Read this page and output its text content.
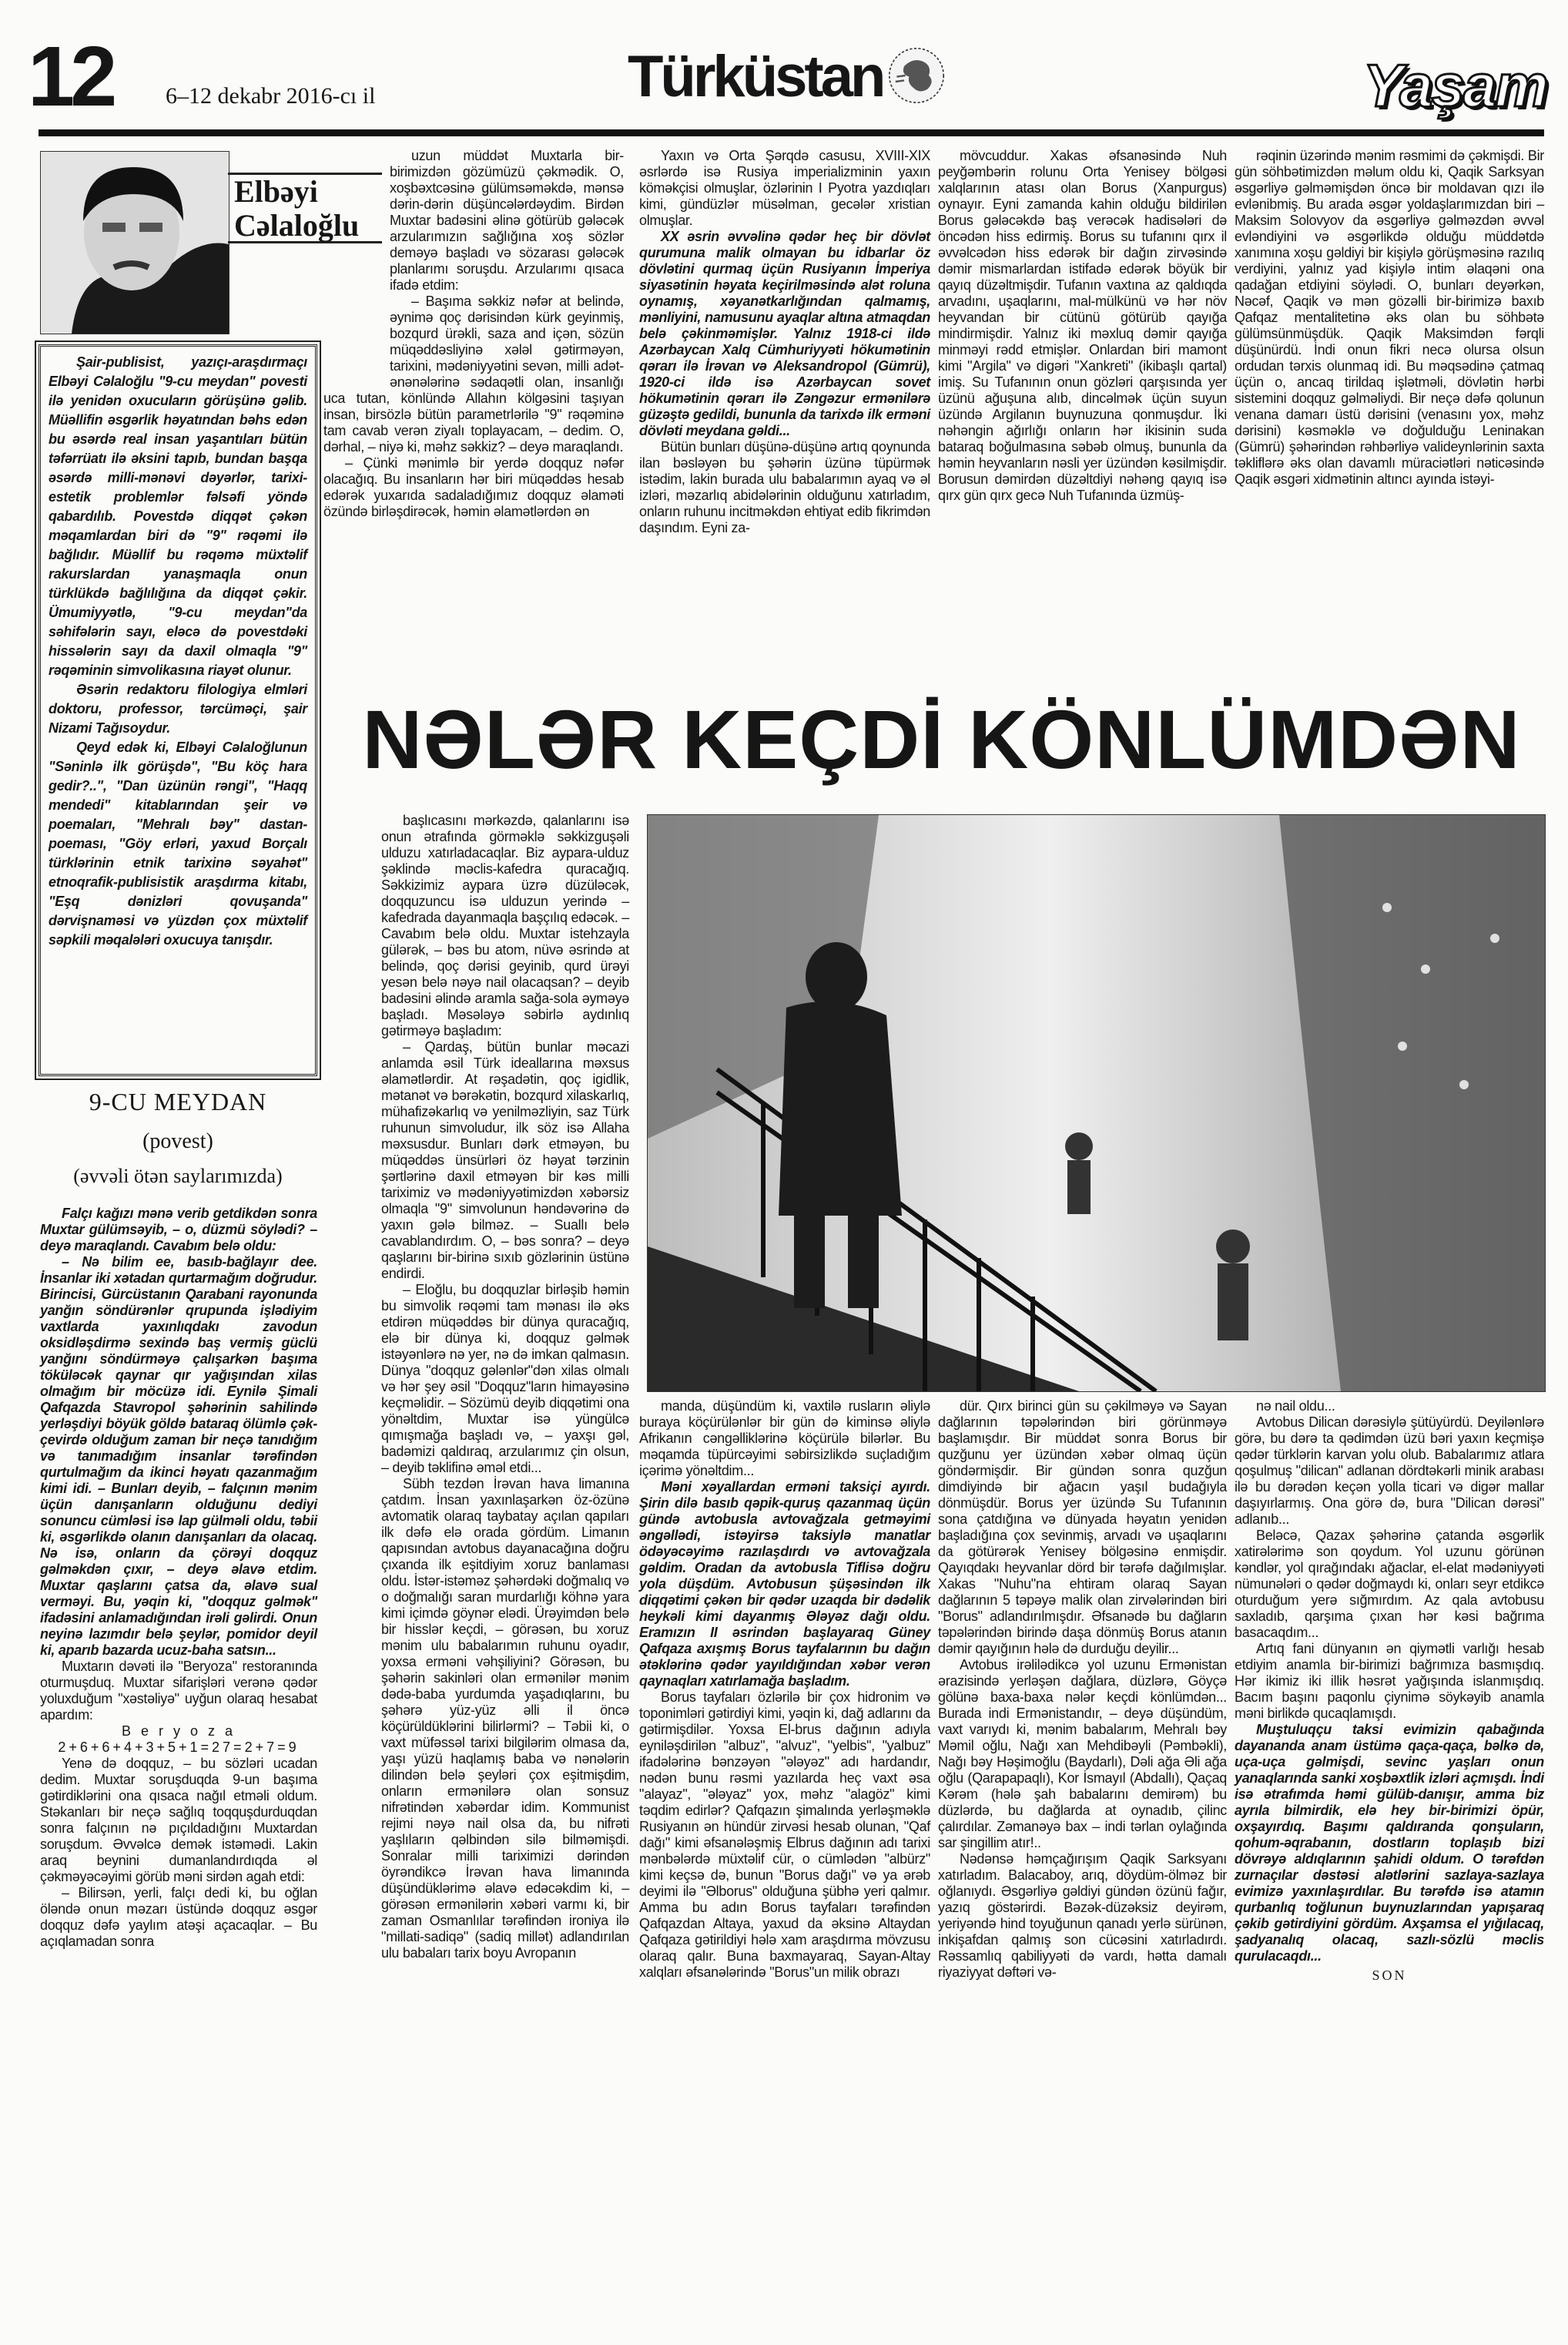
12 6–12 dekabr 2016-cı il	Türküstan	Yaşam
Elbəyi
Cəlaloğlu

Şair-publisist, yazıçı-araşdırmaçı Elbəyi Cəlaloğlu "9-cu meydan" povesti ilə yenidən oxucuların görüşünə gəlib. Müəllifin əsgərlik həyatından bəhs edən bu əsərdə real insan yaşantıları bütün təfərrüatı ilə əksini tapıb, bundan başqa əsərdə milli-mənəvi dəyərlər, tarixi-estetik problemlər fəlsəfi yöndə qabardılıb. Povestdə diqqət çəkən məqamlardan biri də "9" rəqəmi ilə bağlıdır. Müəllif bu rəqəmə müxtəlif rakurslardan yanaşmaqla onun türklükdə bağlılığına da diqqət çəkir. Ümumiyyətlə, "9-cu meydan"da səhifələrin sayı, eləcə də povestdəki hissələrin sayı da daxil olmaqla "9" rəqəminin simvolikasına riayət olunur.

Əsərin redaktoru filologiya elmləri doktoru, professor, tərcüməçi, şair Nizami Tağısoydur.

Qeyd edək ki, Elbəyi Cəlaloğlunun "Səninlə ilk görüşdə", "Bu köç hara gedir?..", "Dan üzünün rəngi", "Haqq mendedi" kitablarından şeir və poemaları, "Mehralı bəy" dastan-poeması, "Göy erləri, yaxud Borçalı türklərinin etnik tarixinə səyahət" etnoqrafik-publisistik araşdırma kitabı, "Eşq dənizləri qovuşanda" dərvişnaməsi və yüzdən çox müxtəlif səpkili məqalələri oxucuya tanışdır.

9-CU MEYDAN
(povest)
(əvvəli ötən saylarımızda)
NƏLƏR KEÇDİ KÖNLÜMDƏN

Falçı kağızı mənə verib getdikdən sonra Muxtar gülümsəyib, – o, düzmü söylədi? – deyə maraqlandı. Cavabım belə oldu:

– Nə bilim ee, basıb-bağlayır dee. İnsanlar iki xətadan qurtarmağım doğrudur. Birincisi, Gürcüstanın Qarabani rayonunda yanğın söndürənlər qrupunda işlədiyim vaxtlarda yaxınlıqdakı zavodun oksidləşdirmə sexində baş vermiş güclü yanğını söndürməyə çalışarkən başıma töküləcək qaynar qır yağışından xilas olmağım bir möcüzə idi. Eynilə Şimali Qafqazda Stavropol şəhərinin sahilində yerləşdiyi böyük göldə bataraq ölümlə çək-çevirdə olduğum zaman bir neçə tanıdığım və tanımadığım insanlar tərəfindən qurtulmağım da ikinci həyatı qazanmağım kimi idi. – Bunları deyib, – falçının mənim üçün danışanların olduğunu dediyi sonuncu cümləsi isə lap gülməli oldu, təbii ki, əsgərlikdə olanın danışanları da olacaq. Nə isə, onların da çörəyi doqquz gəlməkdən çıxır, – deyə əlavə etdim. Muxtar qaşlarını çatsa da, əlavə sual verməyi. Bu, yəqin ki, "doqquz gəlmək" ifadəsini anlamadığından irəli gəlirdi. Onun neyinə lazımdır belə şeylər, pomidor deyil ki, aparıb bazarda ucuz-baha satsın...

Muxtarın dəvəti ilə "Beryoza" restoranında oturmuşduq. Muxtar sifarişləri verənə qədər yoluxduğum "xəstəliyə" uyğun olaraq hesabat apardım:

B e r y o z a

2+6+6+4+3+5+1=27=2+7=9

Yenə də doqquz, – bu sözləri ucadan dedim. Muxtar soruşduqda 9-un başıma gətirdiklərini ona qısaca nağıl etməli oldum. Stəkanları bir neçə sağlıq toqquşdurduqdan sonra falçının nə pıçıldadığını Muxtardan soruşdum. Əvvəlcə demək istəmədi. Lakin araq beynini dumanlandırdıqda əl çəkməyəcəyimi görüb məni sirdən agah etdi:

– Bilirsən, yerli, falçı dedi ki, bu oğlan öləndə onun məzarı üstündə doqquz əsgər doqquz dəfə yaylım atəşi açacaqlar. – Bu açıqlamadan sonra

uzun müddət Muxtarla bir-birimizdən gözümüzü çəkmədik. O, xoşbəxtcəsinə gülümsəməkdə, mənsə dərin-dərin düşüncələrdəydim. Birdən Muxtar badəsini əlinə götürüb gələcək arzularımızın sağlığına xoş sözlər deməyə başladı və sözarası gələcək planlarımı soruşdu. Arzularımı qısaca ifadə etdim:

– Başıma səkkiz nəfər at belində, əynimə qoç dərisindən kürk geyinmiş, bozqurd ürəkli, saza and içən, sözün müqəddəsliyinə xələl gətirməyən, tarixini, mədəniyyətini sevən, milli adət-ənənələrinə sədaqətli olan, insanlığı uca tutan, könlündə Allahın kölgəsini taşıyan insan, birsözlə bütün parametrlərilə "9" rəqəminə tam cavab verən ziyalı toplayacam, – dedim. O, dərhal, – niyə ki, məhz səkkiz? – deyə maraqlandı.

– Çünki mənimlə bir yerdə doqquz nəfər olacağıq. Bu insanların hər biri müqəddəs hesab edərək yuxarıda sadaladığımız doqquz əlaməti özündə birləşdirəcək, həmin əlamətlərdən ən

Yaxın və Orta Şərqdə casusu, XVIII-XIX əsrlərdə isə Rusiya imperializminin yaxın köməkçisi olmuşlar, özlərinin I Pyotra yazdıqları kimi, gündüzlər müsəlman, gecələr xristian olmuşlar.

XX əsrin əvvəlinə qədər heç bir dövlət qurumuna malik olmayan bu idbarlar öz dövlətini qurmaq üçün Rusiyanın İmperiya siyasətinin həyata keçirilməsində alət roluna oynamış, xəyanətkarlığından qalmamış, mənliyini, namusunu ayaqlar altına atmaqdan belə çəkinməmişlər. Yalnız 1918-ci ildə Azərbaycan Xalq Cümhuriyyəti hökumətinin qərarı ilə İrəvan və Aleksandropol (Gümrü), 1920-ci ildə isə Azərbaycan sovet hökumətinin qərarı ilə Zəngəzur ermənilərə güzəştə gedildi, bununla da tarixdə ilk erməni dövləti meydana gəldi...

Bütün bunları düşünə-düşünə artıq qoynunda ilan bəsləyən bu şəhərin üzünə tüpürmək istədim, lakin burada ulu babalarımın ayaq və əl izləri, məzarlıq abidələrinin olduğunu xatırladım, onların ruhunu incitməkdən ehtiyat edib fikrimdən daşındım. Eyni za-

mövcuddur. Xakas əfsanəsində Nuh peyğəmbərin rolunu Orta Yenisey bölgəsi xalqlarının atası olan Borus (Xanpurgus) oynayır. Eyni zamanda kahin olduğu bildirilən Borus gələcəkdə baş verəcək hadisələri də öncədən hiss edirmiş. Borus su tufanını qırx il əvvəlcədən hiss edərək bir dağın zirvəsində dəmir mismarlardan istifadə edərək böyük bir qayıq düzəltmişdir. Tufanın vaxtına az qaldıqda arvadını, uşaqlarını, mal-mülkünü və hər növ heyvandan bir cütünü götürüb qayığa mindirmişdir. Yalnız iki məxluq dəmir qayığa minməyi rədd etmişlər. Onlardan biri mamont kimi "Argila" və digəri "Xankreti" (ikibaşlı qartal) imiş. Su Tufanının onun gözləri qarşısında yer üzünü ağuşuna alıb, dincəlmək üçün suyun üzündə Argilanın buynuzuna qonmuşdur. İki nəhəngin ağırlığı onların hər ikisinin suda bataraq boğulmasına səbəb olmuş, bununla da həmin heyvanların nəsli yer üzündən kəsilmişdir. Borusun dəmirdən düzəltdiyi nəhəng qayıq isə qırx gün qırx gecə Nuh Tufanında üzmüş-

rəqinin üzərində mənim rəsmimi də çəkmişdi. Bir gün söhbətimizdən məlum oldu ki, Qaqik Sarksyan əsgərliyə gəlməmişdən öncə bir moldavan qızı ilə evlənibmiş. Bu arada əsgər yoldaşlarımızdan biri – Maksim Solovyov da əsgərliyə gəlməzdən əvvəl evləndiyini və əsgərlikdə olduğu müddətdə xanımına xoşu gəldiyi bir kişiylə görüşməsinə razılıq verdiyini, yalnız yad kişiylə intim əlaqəni ona qadağan etdiyini söylədi. O, bunları deyərkən, Nəcəf, Qaqik və mən gözəlli bir-birimizə baxıb Qafqaz mentalitetinə əks olan bu söhbətə gülümsünmüşdük. Qaqik Maksimdən fərqli düşünürdü. İndi onun fikri necə olursa olsun ordudan tərxis olunmaq idi. Bu məqsədinə çatmaq üçün o, ancaq tirildaq işlətməli, dövlətin hərbi sistemini doqquz gəlməliydi. Bir neçə dəfə qolunun venana damarı üstü dərisini (venasını yox, məhz dərisini) kəsməklə və doğulduğu Leninakan (Gümrü) şəhərindən rəhbərliyə valideynlərinin saxta təkliflərə əks olan davamlı müraciətləri nəticəsində Qaqik əsgəri xidmətinin altıncı ayında istəyi-

başlıcasını mərkəzdə, qalanlarını isə onun ətrafında görməklə səkkizguşəli ulduzu xatırladacaqlar. Biz aypara-ulduz şəklində məclis-kafedra quracağıq. Səkkizimiz aypara üzrə düzüləcək, doqquzuncu isə ulduzun yerində – kafedrada dayanmaqla başçılıq edəcək. – Cavabım belə oldu. Muxtar istehzayla gülərək, – bəs bu atom, nüvə əsrində at belində, qoç dərisi geyinib, qurd ürəyi yesən belə nəyə nail olacaqsan? – deyib badəsini əlində aramla sağa-sola əyməyə başladı. Məsələyə səbirlə aydınlıq gətirməyə başladım:

– Qardaş, bütün bunlar məcazi anlamda əsil Türk ideallarına məxsus əlamətlərdir. At rəşadətin, qoç igidlik, mətanət və bərəkətin, bozqurd xilaskarlıq, mühafizəkarlıq və yenilməzliyin, saz Türk ruhunun simvoludur, ilk söz isə Allaha məxsusdur. Bunları dərk etməyən, bu müqəddəs ünsürləri öz həyat tərzinin şərtlərinə daxil etməyən bir kəs milli tariximiz və mədəniyyətimizdən xəbərsiz olmaqla "9" simvolunun həndəvərinə də yaxın gələ bilməz. – Suallı belə cavablandırdım. O, – bəs sonra? – deyə qaşlarını bir-birinə sıxıb gözlərinin üstünə endirdi.

– Eloğlu, bu doqquzlar birləşib həmin bu simvolik rəqəmi tam mənası ilə əks etdirən müqəddəs bir dünya quracağıq, elə bir dünya ki, doqquz gəlmək istəyənlərə nə yer, nə də imkan qalmasın. Dünya "doqquz gələnlər"dən xilas olmalı və hər şey əsil "Doqquz"ların himayəsinə keçməlidir. – Sözümü deyib diqqətimi ona yönəltdim, Muxtar isə yüngülcə qımışmağa başladı və, – yaxşı gəl, badəmizi qaldıraq, arzularımız çin olsun, – deyib təklifinə əməl etdi...

Sübh tezdən İrəvan hava limanına çatdım. İnsan yaxınlaşarkən öz-özünə avtomatik olaraq taybatay açılan qapıları ilk dəfə elə orada gördüm. Limanın qapısından avtobus dayanacağına doğru çıxanda ilk eşitdiyim xoruz banlaması oldu. İstər-istəməz şəhərdəki doğmalıq və o doğmalığı saran murdarlığı köhnə yara kimi içimdə göynər elədi. Ürəyimdən belə bir hisslər keçdi, – görəsən, bu xoruz mənim ulu babalarımın ruhunu oyadır, yoxsa erməni vəhşiliyini? Görəsən, bu şəhərin sakinləri olan ermənilər mənim dədə-baba yurdumda yaşadıqlarını, bu şəhərə yüz-yüz əlli il öncə köçürüldüklərini bilirlərmi? – Təbii ki, o vaxt müfəssəl tarixi bilgilərim olmasa da, yaşı yüzü haqlamış baba və nənələrin dilindən belə şeyləri çox eşitmişdim, onların ermənilərə olan sonsuz nifrətindən xəbərdar idim. Kommunist rejimi nəyə nail olsa da, bu nifrəti yaşlıların qəlbindən silə bilməmişdi. Sonralar milli tariximizi dərindən öyrəndikcə İrəvan hava limanında düşündüklərimə əlavə edəcəkdim ki, – görəsən ermənilərin xəbəri varmı ki, bir zaman Osmanlılar tərəfindən ironiya ilə "millati-sadiqə" (sadiq millət) adlandırılan ulu babaları tarix boyu Avropanın

manda, düşündüm ki, vaxtilə rusların əliylə buraya köçürülənlər bir gün də kiminsə əliylə Afrikanın cəngəlliklərinə köçürülə bilərlər. Bu məqamda tüpürcəyimi səbirsizlikdə suçladığım içərimə yönəltdim...

Məni xəyallardan erməni taksiçi ayırdı. Şirin dilə basıb qəpik-quruş qazanmaq üçün gündə avtobusla avtovağzala getməyimi əngəllədi, istəyirsə taksiylə manatlar ödəyəcəyimə razılaşdırdı və avtovağzala gəldim. Oradan da avtobusla Tiflisə doğru yola düşdüm. Avtobusun şüşəsindən ilk diqqətimi çəkən bir qədər uzaqda bir dədəlik heykəli kimi dayanmış Ələyəz dağı oldu. Eramızın II əsrindən başlayaraq Güney Qafqaza axışmış Borus tayfalarının bu dağın ətəklərinə qədər yayıldığından xəbər verən qaynaqları xatırlamağa başladım.

Borus tayfaları özlərilə bir çox hidronim və toponimləri gətirdiyi kimi, yəqin ki, dağ adlarını da gətirmişdilər. Yoxsa El-brus dağının adıyla eyniləşdirilən "albuz", "alvuz", "yelbis", "yalbuz" ifadələrinə bənzəyən "ələyəz" adı hardandır, nədən bunu rəsmi yazılarda heç vaxt əsa "alayaz", "ələyaz" yox, məhz "alagöz" kimi təqdim edirlər? Qafqazın şimalında yerləşməklə Rusiyanın ən hündür zirvəsi hesab olunan, "Qaf dağı" kimi əfsanələşmiş Elbrus dağının adı tarixi mənbələrdə müxtəlif cür, o cümlədən "albürz" kimi keçsə də, bunun "Borus dağı" və ya ərəb deyimi ilə "Əlborus" olduğuna şübhə yeri qalmır. Amma bu adın Borus tayfaları tərəfindən Qafqazdan Altaya, yaxud da əksinə Altaydan Qafqaza gətirildiyi hələ xam araşdırma mövzusu olaraq qalır. Buna baxmayaraq, Sayan-Altay xalqları əfsanələrində "Borus"un milik obrazı

dür. Qırx birinci gün su çəkilməyə və Sayan dağlarının təpələrindən biri görünməyə başlamışdır. Bir müddət sonra Borus bir quzğunu yer üzündən xəbər olmaq üçün göndərmişdir. Bir gündən sonra quzğun dimdiyində bir ağacın yaşıl budağıyla dönmüşdür. Borus yer üzündə Su Tufanının sona çatdığına və dünyada həyatın yenidən başladığına çox sevinmiş, arvadı və uşaqlarını da götürərək Yenisey bölgəsinə enmişdir. Qayıqdakı heyvanlar dörd bir tərəfə dağılmışlar. Xakas "Nuhu"na ehtiram olaraq Sayan dağlarının 5 təpəyə malik olan zirvələrindən biri "Borus" adlandırılmışdır. Əfsanədə bu dağların təpələrindən birində daşa dönmüş Borus atanın dəmir qayığının hələ də durduğu deyilir...

Avtobus irəlilədikcə yol uzunu Ermənistan ərazisində yerləşən dağlara, düzlərə, Göyçə gölünə baxa-baxa nələr keçdi könlümdən... Burada indi Ermənistandır, – deyə düşündüm, vaxt varıydı ki, mənim babalarım, Mehralı bəy Məmil oğlu, Nağı xan Mehdibəyli (Pəmbəkli), Nağı bəy Həşimoğlu (Baydarlı), Dəli ağa Əli ağa oğlu (Qarapapaqlı), Kor İsmayıl (Abdallı), Qaçaq Kərəm (hələ şah babalarını demirəm) bu düzlərdə, bu dağlarda at oynadıb, çilinc çalırdılar. Zəmanəyə bax – indi tərlan oylağında sar şingillim atır!..

Nədənsə həmçağırışım Qaqik Sarksyanı xatırladım. Balacaboy, arıq, döydüm-ölməz bir oğlanıydı. Əsgərliyə gəldiyi gündən özünü fağır, yazıq göstərirdi. Bəzək-düzəksiz deyirəm, yeriyəndə hind toyuğunun qanadı yerlə sürünən, inkişafdan qalmış son cücəsini xatırladırdı. Rəssamlıq qabiliyyəti də vardı, hətta damalı riyaziyyat dəftəri və-

nə nail oldu...

Avtobus Dilican dərəsiylə şütüyürdü. Deyilənlərə görə, bu dərə ta qədimdən üzü bəri yaxın keçmişə qədər türklərin karvan yolu olub. Babalarımız atlara qoşulmuş "dilican" adlanan dördtəkərli minik arabası ilə bu dərədən keçən yolla ticari və digər mallar daşıyırlarmış. Ona görə də, bura "Dilican dərəsi" adlanıb...

Beləcə, Qazax şəhərinə çatanda əsgərlik xatirələrimə son qoydum. Yol uzunu görünən kəndlər, yol qırağındakı ağaclar, el-elat mədəniyyəti nümunələri o qədər doğmaydı ki, onları seyr etdikcə oturduğum yerə sığmırdım. Az qala avtobusu saxladıb, qarşıma çıxan hər kəsi bağrıma basacaqdım...

Artıq fani dünyanın ən qiymətli varlığı hesab etdiyim anamla bir-birimizi bağrımıza basmışdıq. Hər ikimiz iki illik həsrət yağışında islanmışdıq. Bacım başını paqonlu çiynimə söykəyib anamla məni birlikdə qucaqlamışdı.

Muştuluqçu taksi evimizin qabağında dayananda anam üstümə qaça-qaça, bəlkə də, uça-uça gəlmişdi, sevinc yaşları onun yanaqlarında sanki xoşbəxtlik izləri açmışdı. İndi isə ətrafımda həmi gülüb-danışır, amma biz ayrıla bilmirdik, elə hey bir-birimizi öpür, oxşayırdıq. Başımı qaldıranda qonşuların, qohum-əqrabanın, dostların toplaşıb bizi dövrəyə aldıqlarının şahidi oldum. O tərəfdən zurnaçılar dəstəsi alətlərini sazlaya-sazlaya evimizə yaxınlaşırdılar. Bu tərəfdə isə atamın qurbanlıq toğlunun buynuzlarından yapışaraq çəkib gətirdiyini gördüm. Axşamsa el yığılacaq, şadyanalıq olacaq, sazlı-sözlü məclis qurulacaqdı...

SON
